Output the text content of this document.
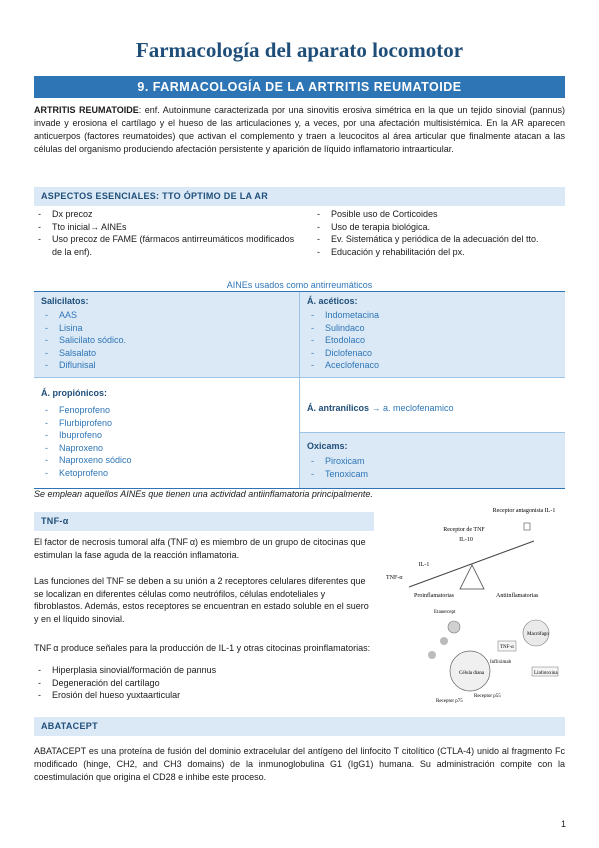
Farmacología del aparato locomotor
9. FARMACOLOGÍA DE LA ARTRITIS REUMATOIDE
ARTRITIS REUMATOIDE: enf. Autoinmune caracterizada por una sinovitis erosiva simétrica en la que un tejido sinovial (pannus) invade y erosiona el cartílago y el hueso de las articulaciones y, a veces, por una afectación multisistémica. En la AR aparecen anticuerpos (factores reumatoides) que activan el complemento y traen a leucocitos al área articular que finalmente atacan a las células del organismo produciendo afectación persistente y aparición de líquido inflamatorio intraarticular.
ASPECTOS ESENCIALES: TTO ÓPTIMO DE LA AR
- Dx precoz
- Tto inicial→ AINEs
- Uso precoz de FAME (fármacos antirreumáticos modificados de la enf).
- Posible uso de Corticoides
- Uso de terapia biológica.
- Ev. Sistemática y periódica de la adecuación del tto.
- Educación y rehabilitación del px.
AINEs usados como antirreumáticos
Salicilatos:
- AAS
- Lisina
- Salicilato sódico.
- Salsalato
- Diflunisal
Á. acéticos:
- Indometacina
- Sulindaco
- Etodolaco
- Diclofenaco
- Aceclofenaco
Á. propiónicos:
- Fenoprofeno
- Flurbiprofeno
- Ibuprofeno
- Naproxeno
- Naproxeno sódico
- Ketoprofeno
Á. antranílicos → a. meclofenamico
Oxicams:
- Piroxicam
- Tenoxicam
Se emplean aquellos AINEs que tienen una actividad antiinflamatoria principalmente.
TNF-α
El factor de necrosis tumoral alfa (TNF α) es miembro de un grupo de citocinas que estimulan la fase aguda de la reacción inflamatoria.
Las funciones del TNF se deben a su unión a 2 receptores celulares diferentes que se localizan en diferentes células como neutrófilos, células endoteliales y fibroblastos. Además, estos receptores se encuentran en estado soluble en el suero y en el líquido sinovial.
TNF α produce señales para la producción de IL-1 y otras citocinas proinflamatorias:
- Hiperplasia sinovial/formación de pannus
- Degeneración del cartílago
- Erosión del hueso yuxtaarticular
Receptor antagonista IL-1
Receptor de TNF
IL-10
IL-1
TNF-α
Proinflamatorias	Antiinflamatorias
Etanercept
Macrófago
TNF-α
Célula diana
Infliximab
Linfotoxina
Receptor p55
Receptor p75
ABATACEPT
ABATACEPT es una proteína de fusión del dominio extracelular del antígeno del linfocito T citolítico (CTLA-4) unido al fragmento Fc modificado (hinge, CH2, and CH3 domains) de la inmunoglobulina G1 (IgG1) humana. Su administración compite con la coestimulación que origina el CD28 e inhibe este proceso.
1
